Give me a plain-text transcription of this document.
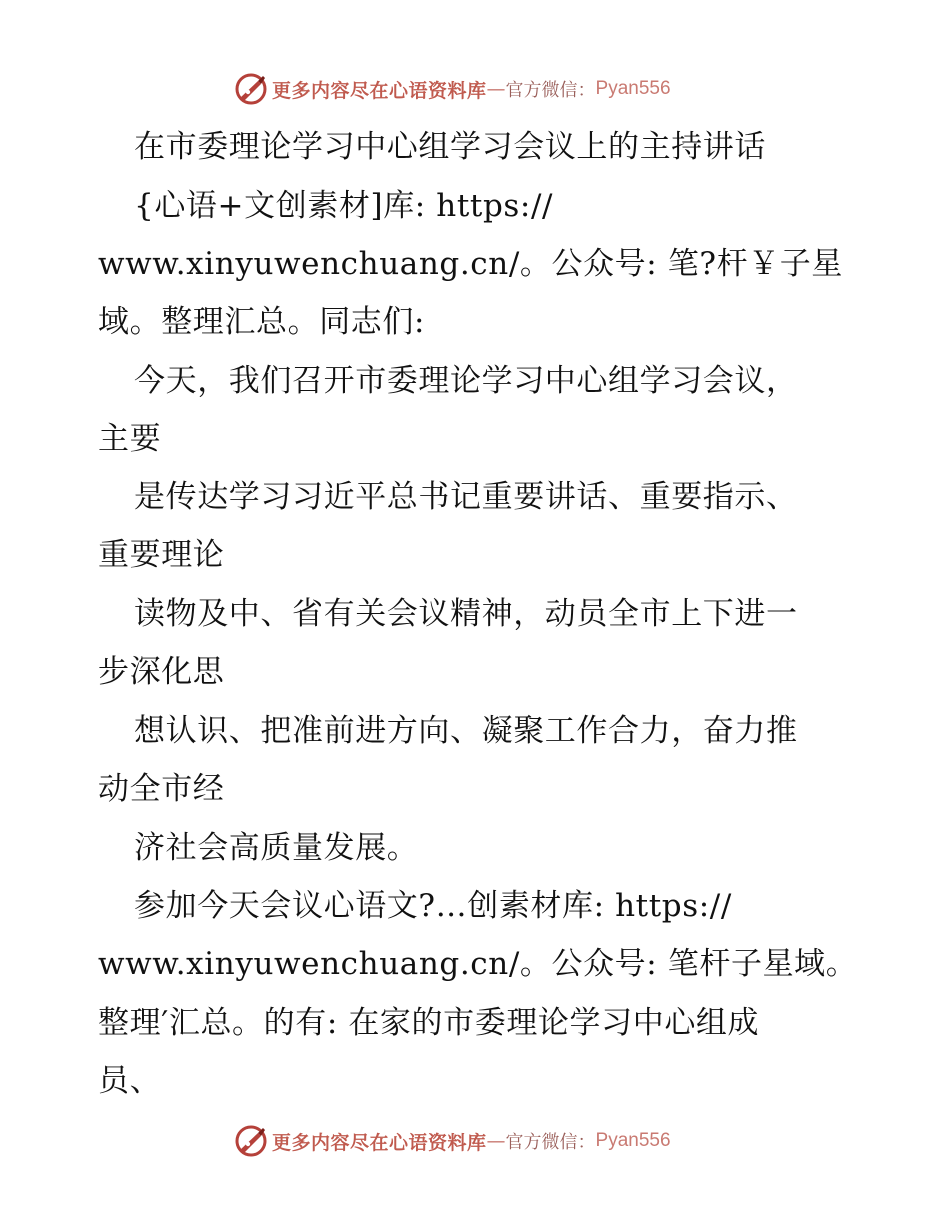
更多内容尽在心语资料库 — 官方微信： Pyan556
在市委理论学习中心组学习会议上的主持讲话
{心语+文创素材]库: https://
www.xinyuwenchuang.cn/。公众号: 笔?杆￥子星
域。整理汇总。同志们:
今天，我们召开市委理论学习中心组学习会议，
主要
是传达学习习近平总书记重要讲话、重要指示、
重要理论
读物及中、省有关会议精神，动员全市上下进一
步深化思
想认识、把准前进方向、凝聚工作合力，奋力推
动全市经
济社会高质量发展。
参加今天会议心语文?…创素材库: https://
www.xinyuwenchuang.cn/。公众号: 笔杆子星域。
整理′汇总。的有: 在家的市委理论学习中心组成
员、
更多内容尽在心语资料库 — 官方微信： Pyan556
